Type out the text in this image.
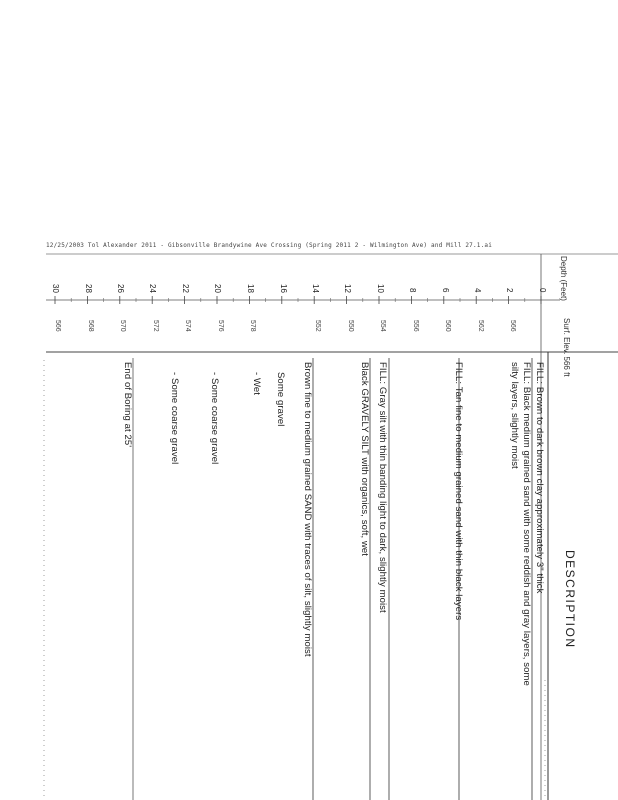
12/25/2003 Tol Alexander 2011 - Gibsonville Brandywine Ave Crossing (Spring 2011 2 - Wilmington Ave) and Mill 27.1.ai
Depth (Feet)
Surf. Elev. 566 ft
DESCRIPTION
0
2
4
6
8
10
12
14
16
18
20
22
24
26
28
30
566
562
560
556
554
550
552
578
576
574
572
570
568
566
FILL: Brown to dark brown clay approximately 3" thick
FILL: Black medium grained sand with some reddish and gray layers, some
silty layers, slightly moist
FILL: Tan fine to medium grained sand with thin black layers
FILL: Gray silt with thin banding light to dark, slightly moist
Black GRAVELY SILT with organics, soft, wet
Brown fine to medium grained SAND with traces of silt, slightly moist
Some gravel
- Wet
- Some coarse gravel
- Some coarse gravel
End of Boring at 25'
